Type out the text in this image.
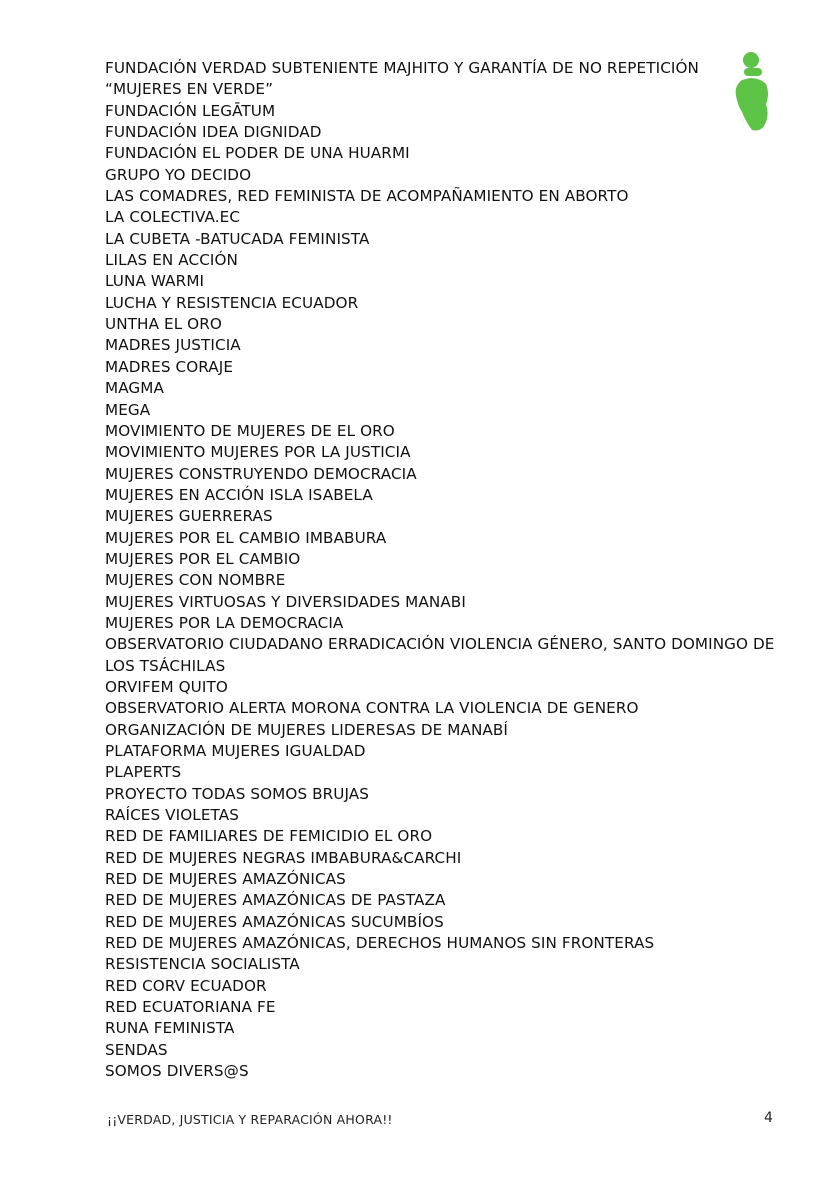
FUNDACIÓN VERDAD SUBTENIENTE MAJHITO Y GARANTÍA DE NO REPETICIÓN
“MUJERES EN VERDE”
FUNDACIÓN LEGĀTUM
FUNDACIÓN IDEA DIGNIDAD
FUNDACIÓN EL PODER DE UNA HUARMI
GRUPO YO DECIDO
LAS COMADRES, RED FEMINISTA DE ACOMPAÑAMIENTO EN ABORTO
LA COLECTIVA.EC
LA CUBETA -BATUCADA FEMINISTA
LILAS EN ACCIÓN
LUNA WARMI
LUCHA Y RESISTENCIA ECUADOR
UNTHA EL ORO
MADRES JUSTICIA
MADRES CORAJE
MAGMA
MEGA
MOVIMIENTO DE MUJERES DE EL ORO
MOVIMIENTO MUJERES POR LA JUSTICIA
MUJERES CONSTRUYENDO DEMOCRACIA
MUJERES EN ACCIÓN ISLA ISABELA
MUJERES GUERRERAS
MUJERES POR EL CAMBIO IMBABURA
MUJERES POR EL CAMBIO
MUJERES CON NOMBRE
MUJERES VIRTUOSAS Y DIVERSIDADES MANABI
MUJERES POR LA DEMOCRACIA
OBSERVATORIO CIUDADANO ERRADICACIÓN VIOLENCIA GÉNERO, SANTO DOMINGO DE LOS TSÁCHILAS
ORVIFEM QUITO
OBSERVATORIO ALERTA MORONA CONTRA LA VIOLENCIA DE GENERO
ORGANIZACIÓN DE MUJERES LIDERESAS DE MANABÍ
PLATAFORMA MUJERES IGUALDAD
PLAPERTS
PROYECTO TODAS SOMOS BRUJAS
RAÍCES VIOLETAS
RED DE FAMILIARES DE FEMICIDIO EL ORO
RED DE MUJERES NEGRAS IMBABURA&CARCHI
RED DE MUJERES AMAZÓNICAS
RED DE MUJERES AMAZÓNICAS DE PASTAZA
RED DE MUJERES AMAZÓNICAS SUCUMBÍOS
RED DE MUJERES AMAZÓNICAS, DERECHOS HUMANOS SIN FRONTERAS
RESISTENCIA SOCIALISTA
RED CORV ECUADOR
RED ECUATORIANA FE
RUNA FEMINISTA
SENDAS
SOMOS DIVERS@S
¡¡VERDAD, JUSTICIA Y REPARACIÓN AHORA!!	4
